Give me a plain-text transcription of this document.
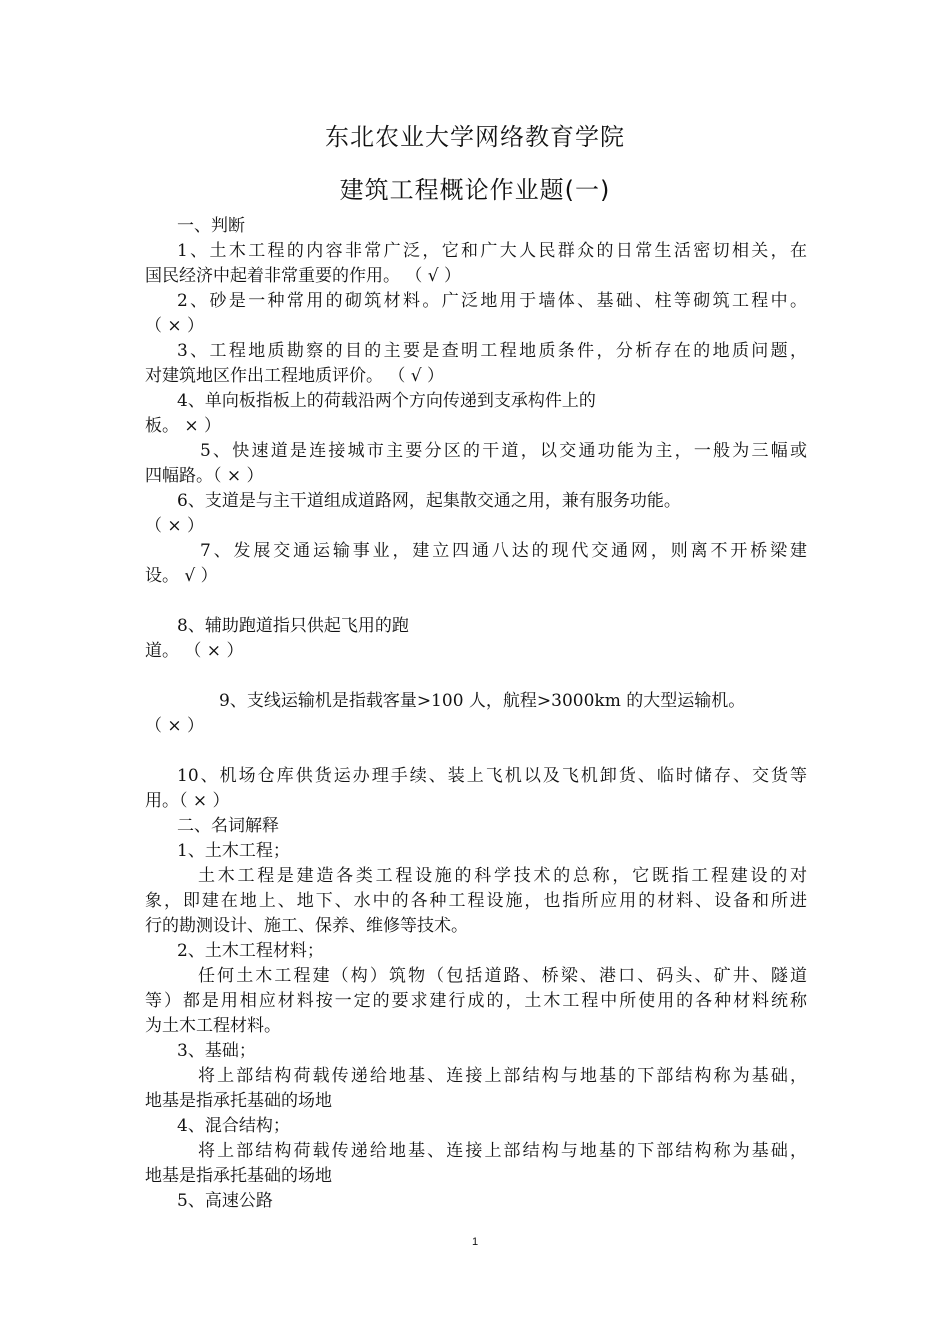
东北农业大学网络教育学院
建筑工程概论作业题(一)
一、判断
1、土木工程的内容非常广泛，它和广大人民群众的日常生活密切相关，在
国民经济中起着非常重要的作用。 （ √ ）
2、砂是一种常用的砌筑材料。广泛地用于墙体、基础、柱等砌筑工程中。
（ × ）
3、工程地质勘察的目的主要是查明工程地质条件，分析存在的地质问题，
对建筑地区作出工程地质评价。 （ √ ）
4、单向板指板上的荷载沿两个方向传递到支承构件上的
板。 × ）
5、快速道是连接城市主要分区的干道，以交通功能为主，一般为三幅或
四幅路。（ × ）
6、支道是与主干道组成道路网，起集散交通之用，兼有服务功能。
（ × ）
7、发展交通运输事业，建立四通八达的现代交通网，则离不开桥梁建
设。 √ ）
8、辅助跑道指只供起飞用的跑
道。 （ × ）
9、支线运输机是指载客量>100 人，航程>3000km 的大型运输机。
（ × ）
10、机场仓库供货运办理手续、装上飞机以及飞机卸货、临时储存、交货等
用。（ × ）
二、名词解释
1、土木工程；
土木工程是建造各类工程设施的科学技术的总称，它既指工程建设的对
象，即建在地上、地下、水中的各种工程设施，也指所应用的材料、设备和所进
行的勘测设计、施工、保养、维修等技术。
2、土木工程材料；
任何土木工程建（构）筑物（包括道路、桥梁、港口、码头、矿井、隧道
等）都是用相应材料按一定的要求建行成的，土木工程中所使用的各种材料统称
为土木工程材料。
3、基础；
将上部结构荷载传递给地基、连接上部结构与地基的下部结构称为基础，
地基是指承托基础的场地
4、混合结构；
将上部结构荷载传递给地基、连接上部结构与地基的下部结构称为基础，
地基是指承托基础的场地
5、高速公路
1
